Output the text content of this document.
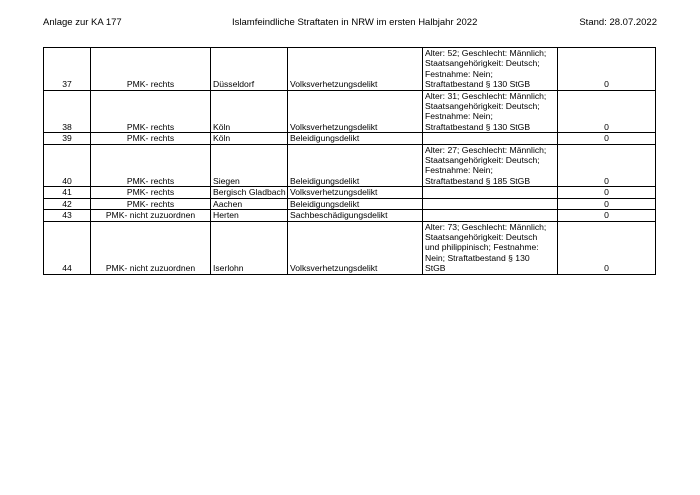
Anlage zur KA 177	Islamfeindliche Straftaten in NRW im ersten Halbjahr 2022	Stand: 28.07.2022
37	PMK- rechts	Düsseldorf	Volksverhetzungsdelikt	Alter: 52; Geschlecht: Männlich;
Staatsangehörigkeit: Deutsch;
Festnahme: Nein;
Straftatbestand § 130 StGB	0
38	PMK- rechts	Köln	Volksverhetzungsdelikt	Alter: 31; Geschlecht: Männlich;
Staatsangehörigkeit: Deutsch;
Festnahme: Nein;
Straftatbestand § 130 StGB	0
39	PMK- rechts	Köln	Beleidigungsdelikt		0
40	PMK- rechts	Siegen	Beleidigungsdelikt	Alter: 27; Geschlecht: Männlich;
Staatsangehörigkeit: Deutsch;
Festnahme: Nein;
Straftatbestand § 185 StGB	0
41	PMK- rechts	Bergisch Gladbach	Volksverhetzungsdelikt		0
42	PMK- rechts	Aachen	Beleidigungsdelikt		0
43	PMK- nicht zuzuordnen	Herten	Sachbeschädigungsdelikt		0
44	PMK- nicht zuzuordnen	Iserlohn	Volksverhetzungsdelikt	Alter: 73; Geschlecht: Männlich;
Staatsangehörigkeit: Deutsch
und philippinisch; Festnahme:
Nein; Straftatbestand § 130
StGB	0
